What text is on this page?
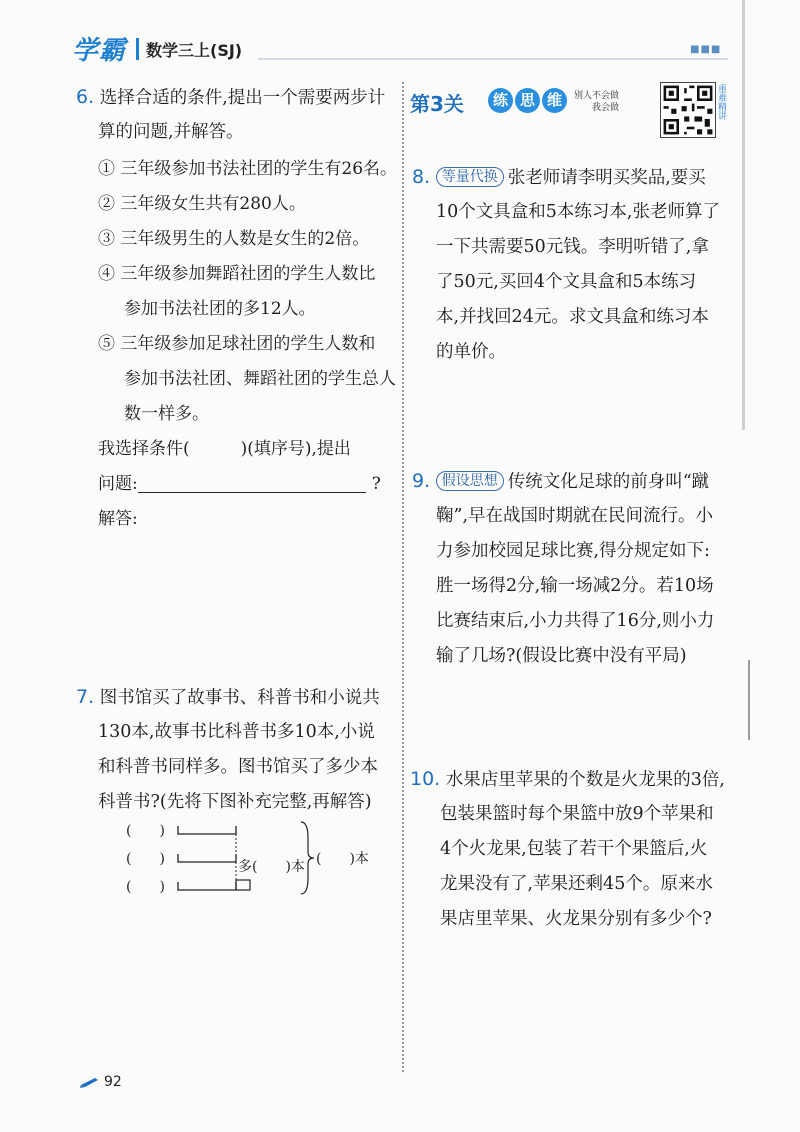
学霸 数学三上(SJ)	■■■
6. 选择合适的条件,提出一个需要两步计
算的问题,并解答。
① 三年级参加书法社团的学生有26名。
② 三年级女生共有280人。
③ 三年级男生的人数是女生的2倍。
④ 三年级参加舞蹈社团的学生人数比
参加书法社团的多12人。
⑤ 三年级参加足球社团的学生人数和
参加书法社团、舞蹈社团的学生总人
数一样多。
我选择条件(　　　)(填序号),提出
问题:	?
解答:
7. 图书馆买了故事书、科普书和小说共
130本,故事书比科普书多10本,小说
和科普书同样多。图书馆买了多少本
科普书?(先将下图补充完整,再解答)
(　　)
(　　)
(　　)
多(　　)本 (　　)本
第3关	练 思 维	别人不会做
我会做	重难精讲
8. 等量代换 张老师请李明买奖品,要买
10个文具盒和5本练习本,张老师算了
一下共需要50元钱。李明听错了,拿
了50元,买回4个文具盒和5本练习
本,并找回24元。求文具盒和练习本
的单价。
9. 假设思想 传统文化足球的前身叫“蹴
鞠”,早在战国时期就在民间流行。小
力参加校园足球比赛,得分规定如下:
胜一场得2分,输一场减2分。若10场
比赛结束后,小力共得了16分,则小力
输了几场?(假设比赛中没有平局)
10. 水果店里苹果的个数是火龙果的3倍,
包装果篮时每个果篮中放9个苹果和
4个火龙果,包装了若干个果篮后,火
龙果没有了,苹果还剩45个。原来水
果店里苹果、火龙果分别有多少个?
92
